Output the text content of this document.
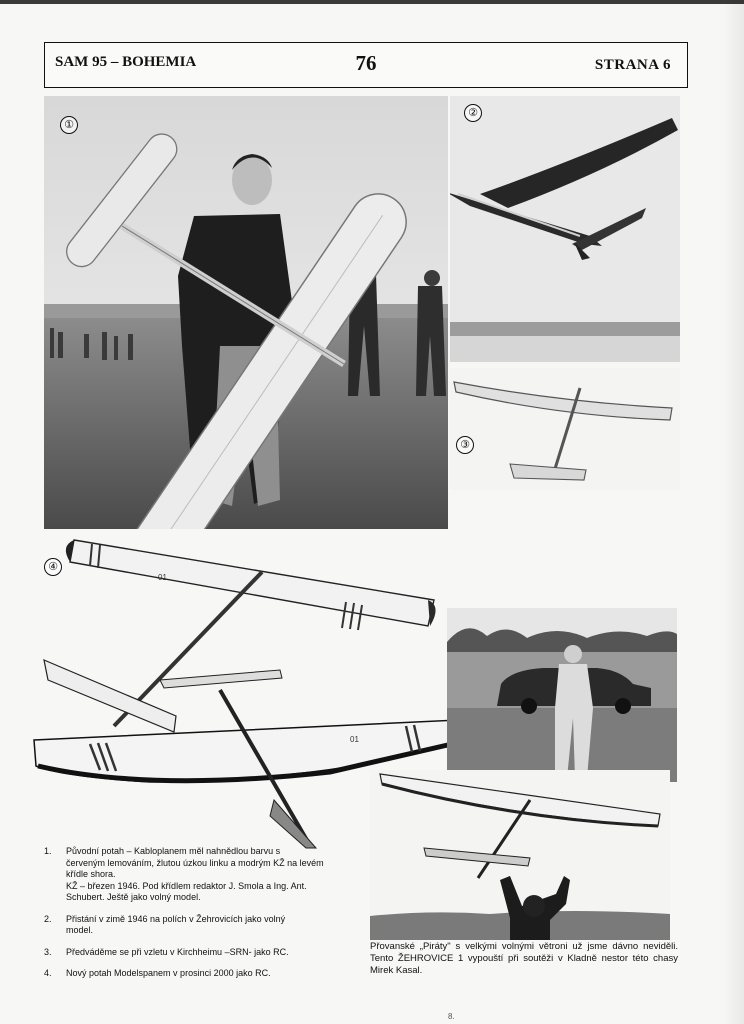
SAM 95 – BOHEMIA	76	STRANA 6
①
②
③
01
01
④
1. Původní potah – Kabloplanem měl nahnědlou barvu s
červeným lemováním, žlutou úzkou linku a modrým KŽ na levém
křídle shora.
KŽ – březen 1946. Pod křídlem redaktor J. Smola a Ing. Ant.
Schubert. Ještě jako volný model.
2. Přistání v zimě 1946 na polích v Žehrovicích jako volný
model.
3. Předváděme se při vzletu v Kirchheimu –SRN- jako RC.
4. Nový potah Modelspanem v prosinci 2000 jako RC.
Přovanské „Piráty" s velkými volnými větroni už jsme dávno neviděli. Tento ŽEHROVICE 1 vypouští při soutěži v Kladně nestor této chasy Mirek Kasal.
8.
